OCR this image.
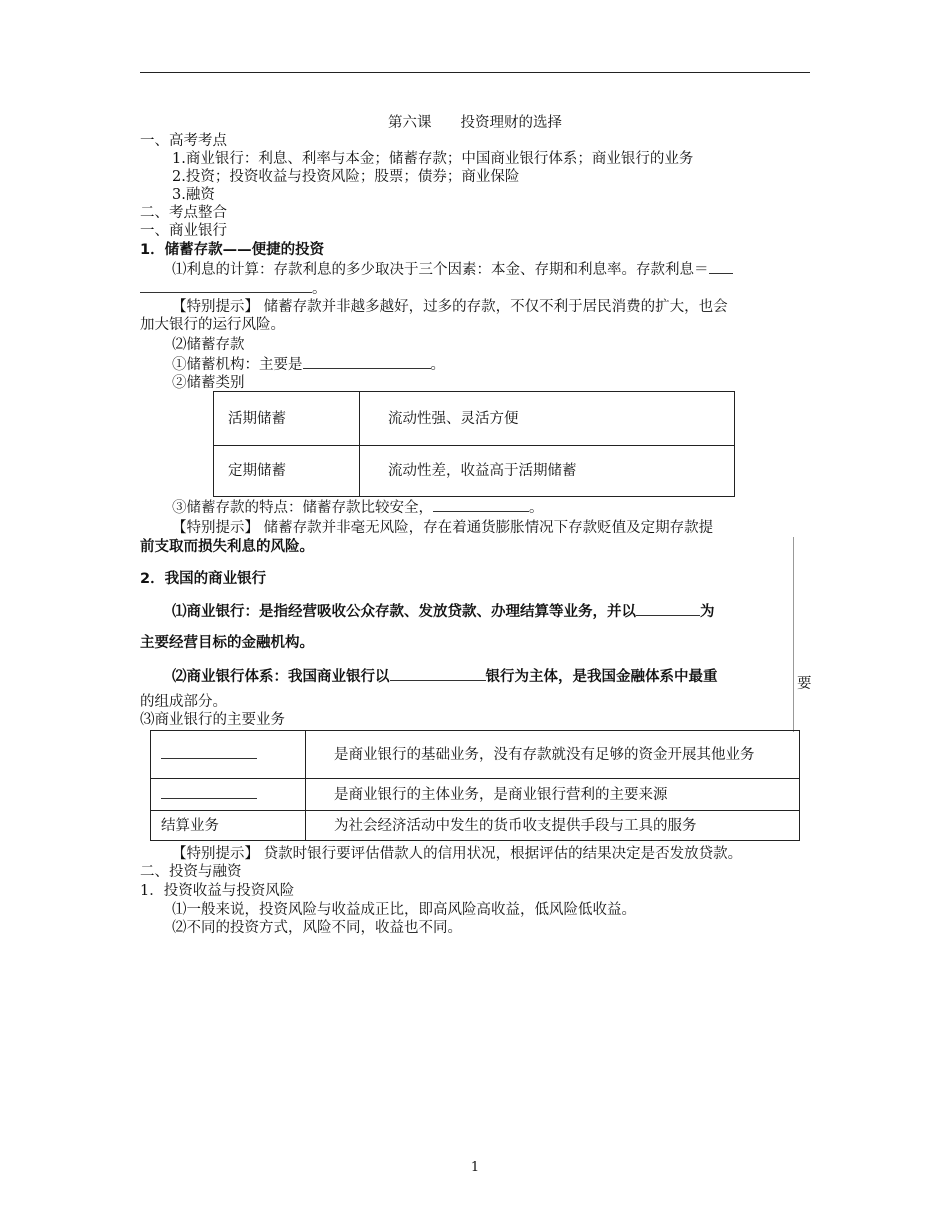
第六课　　投资理财的选择
一、高考考点
1.商业银行：利息、利率与本金；储蓄存款；中国商业银行体系；商业银行的业务
2.投资；投资收益与投资风险；股票；债券；商业保险
3.融资
二、考点整合
一、商业银行
1．储蓄存款——便捷的投资
⑴利息的计算：存款利息的多少取决于三个因素：本金、存期和利息率。存款利息＝
。
【特别提示】 储蓄存款并非越多越好，过多的存款，不仅不利于居民消费的扩大，也会
加大银行的运行风险。
⑵储蓄存款
①储蓄机构：主要是	。
②储蓄类别
活期储蓄	流动性强、灵活方便
定期储蓄	流动性差，收益高于活期储蓄
③储蓄存款的特点：储蓄存款比较安全，	。
【特别提示】 储蓄存款并非毫无风险，存在着通货膨胀情况下存款贬值及定期存款提
前支取而损失利息的风险。
2．我国的商业银行
⑴商业银行：是指经营吸收公众存款、发放贷款、办理结算等业务，并以	为
主要经营目标的金融机构。
⑵商业银行体系：我国商业银行以	银行为主体，是我国金融体系中最重	要
的组成部分。
⑶商业银行的主要业务
	是商业银行的基础业务，没有存款就没有足够的资金开展其他业务
	是商业银行的主体业务，是商业银行营利的主要来源
结算业务	为社会经济活动中发生的货币收支提供手段与工具的服务
【特别提示】 贷款时银行要评估借款人的信用状况，根据评估的结果决定是否发放贷款。
二、投资与融资
1．投资收益与投资风险
⑴一般来说，投资风险与收益成正比，即高风险高收益，低风险低收益。
⑵不同的投资方式，风险不同，收益也不同。
1
